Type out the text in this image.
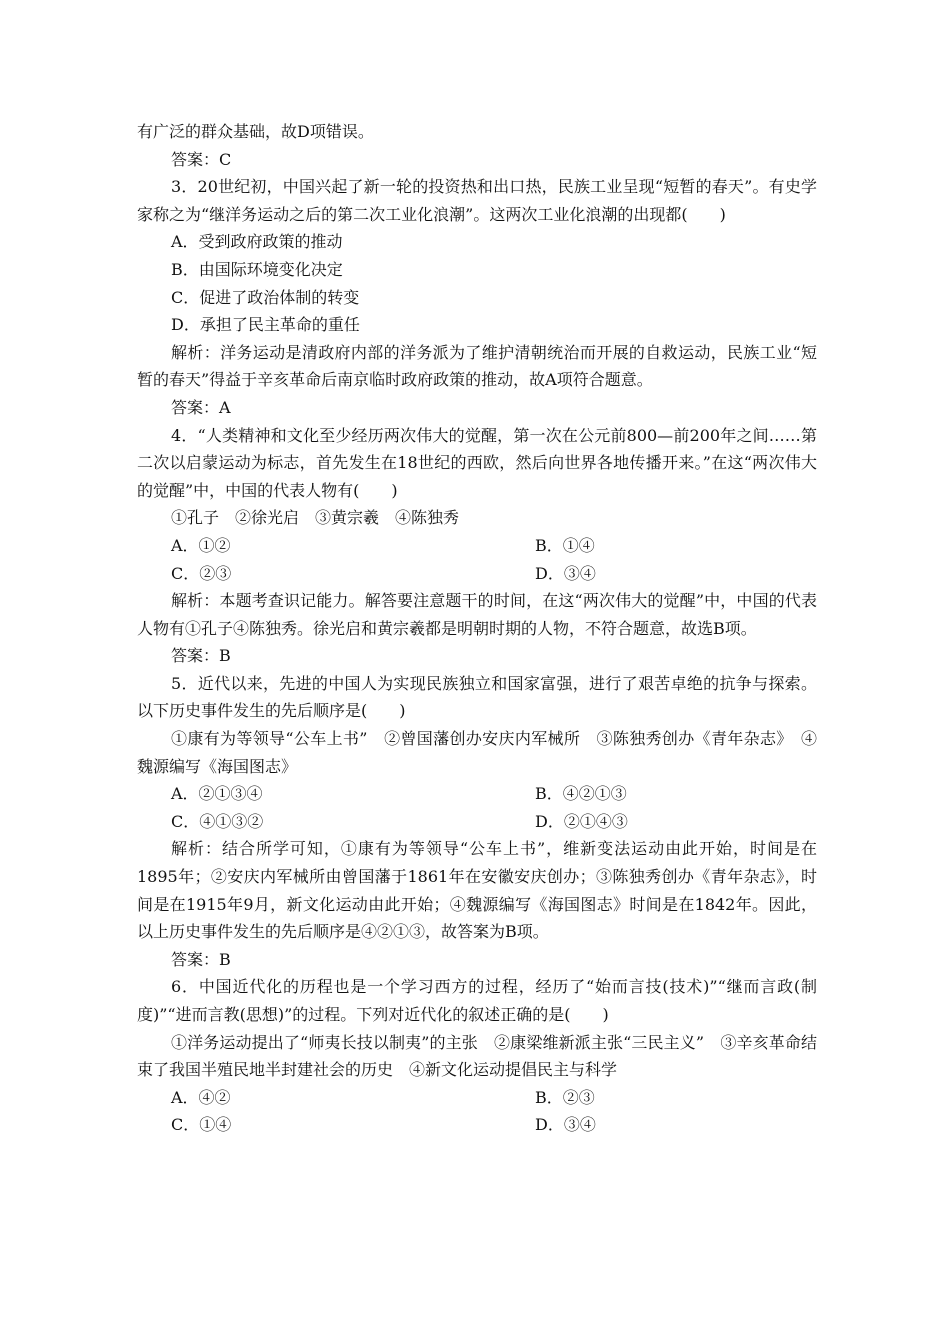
有广泛的群众基础，故D项错误。

答案：C

3．20世纪初，中国兴起了新一轮的投资热和出口热，民族工业呈现“短暂的春天”。有史学家称之为“继洋务运动之后的第二次工业化浪潮”。这两次工业化浪潮的出现都(　　)

A．受到政府政策的推动

B．由国际环境变化决定

C．促进了政治体制的转变

D．承担了民主革命的重任

解析：洋务运动是清政府内部的洋务派为了维护清朝统治而开展的自救运动，民族工业“短暂的春天”得益于辛亥革命后南京临时政府政策的推动，故A项符合题意。

答案：A

4．“人类精神和文化至少经历两次伟大的觉醒，第一次在公元前800—前200年之间……第二次以启蒙运动为标志，首先发生在18世纪的西欧，然后向世界各地传播开来。”在这“两次伟大的觉醒”中，中国的代表人物有(　　)

①孔子　②徐光启　③黄宗羲　④陈独秀

A．①②	B．①④
C．②③	D．③④

解析：本题考查识记能力。解答要注意题干的时间，在这“两次伟大的觉醒”中，中国的代表人物有①孔子④陈独秀。徐光启和黄宗羲都是明朝时期的人物，不符合题意，故选B项。

答案：B

5．近代以来，先进的中国人为实现民族独立和国家富强，进行了艰苦卓绝的抗争与探索。以下历史事件发生的先后顺序是(　　)

①康有为等领导“公车上书”　②曾国藩创办安庆内军械所　③陈独秀创办《青年杂志》　④魏源编写《海国图志》

A．②①③④	B．④②①③
C．④①③②	D．②①④③

解析：结合所学可知，①康有为等领导“公车上书”，维新变法运动由此开始，时间是在1895年；②安庆内军械所由曾国藩于1861年在安徽安庆创办；③陈独秀创办《青年杂志》，时间是在1915年9月，新文化运动由此开始；④魏源编写《海国图志》时间是在1842年。因此，以上历史事件发生的先后顺序是④②①③，故答案为B项。

答案：B

6．中国近代化的历程也是一个学习西方的过程，经历了“始而言技(技术)”“继而言政(制度)”“进而言教(思想)”的过程。下列对近代化的叙述正确的是(　　)

①洋务运动提出了“师夷长技以制夷”的主张　②康梁维新派主张“三民主义”　③辛亥革命结束了我国半殖民地半封建社会的历史　④新文化运动提倡民主与科学

A．④②	B．②③
C．①④	D．③④
